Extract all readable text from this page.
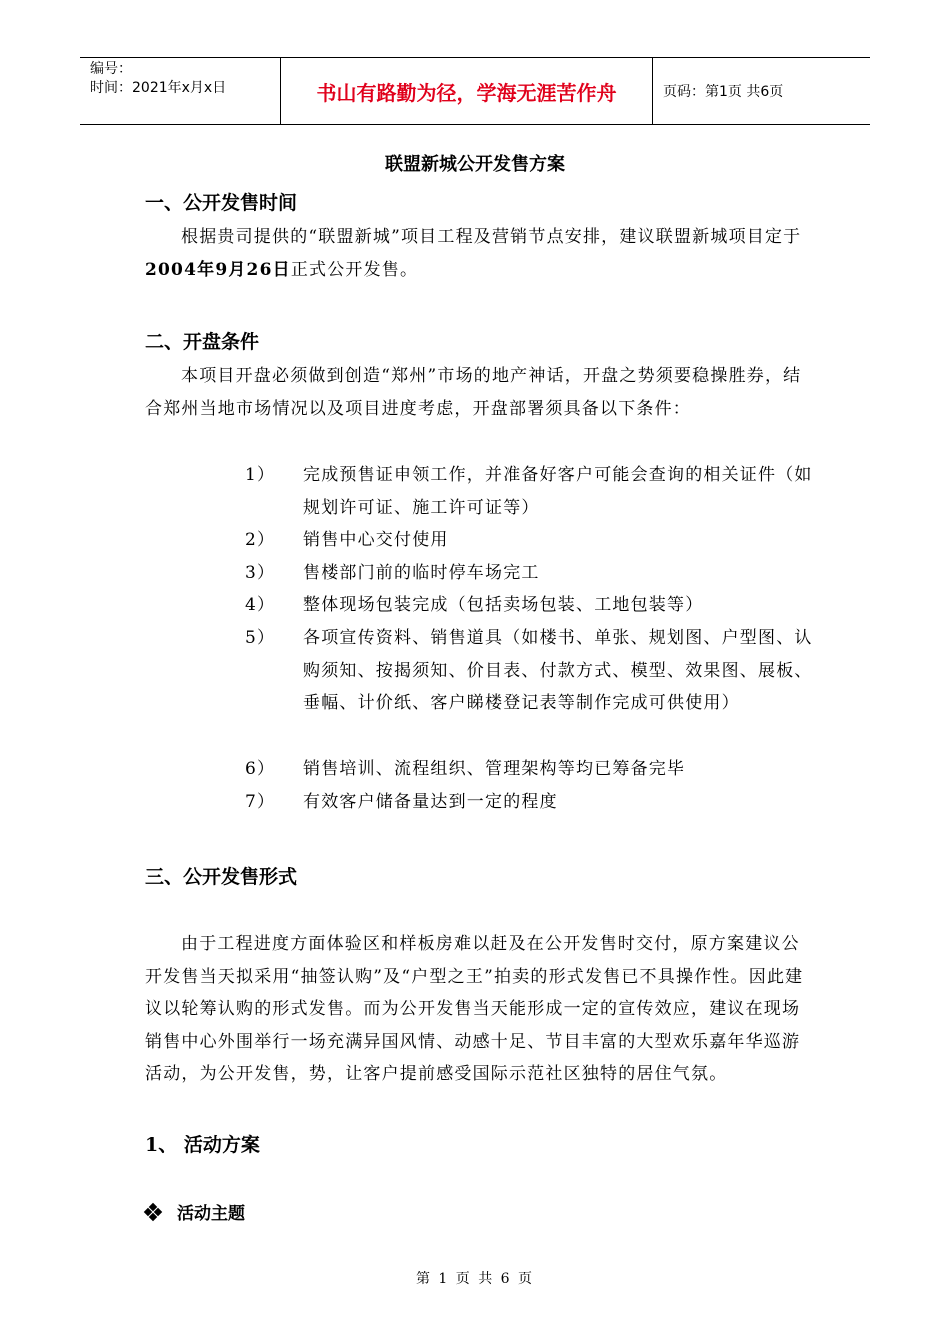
编号：
时间：2021年x月x日	书山有路勤为径，学海无涯苦作舟	页码：第1页 共6页
联盟新城公开发售方案
一、公开发售时间
根据贵司提供的“联盟新城”项目工程及营销节点安排，建议联盟新城项目定于2004年9月26日正式公开发售。
二、开盘条件
本项目开盘必须做到创造“郑州”市场的地产神话，开盘之势须要稳操胜券，结合郑州当地市场情况以及项目进度考虑，开盘部署须具备以下条件：
1）	完成预售证申领工作，并准备好客户可能会查询的相关证件（如规划许可证、施工许可证等）
2）	销售中心交付使用
3）	售楼部门前的临时停车场完工
4）	整体现场包装完成（包括卖场包装、工地包装等）
5）	各项宣传资料、销售道具（如楼书、单张、规划图、户型图、认购须知、按揭须知、价目表、付款方式、模型、效果图、展板、垂幅、计价纸、客户睇楼登记表等制作完成可供使用）
6）	销售培训、流程组织、管理架构等均已筹备完毕
7）	有效客户储备量达到一定的程度
三、公开发售形式
由于工程进度方面体验区和样板房难以赶及在公开发售时交付，原方案建议公开发售当天拟采用“抽签认购”及“户型之王”拍卖的形式发售已不具操作性。因此建议以轮筹认购的形式发售。而为公开发售当天能形成一定的宣传效应，建议在现场销售中心外围举行一场充满异国风情、动感十足、节目丰富的大型欢乐嘉年华巡游活动，为公开发售，势，让客户提前感受国际示范社区独特的居住气氛。
1、 活动方案
活动主题
第 1 页 共 6 页
